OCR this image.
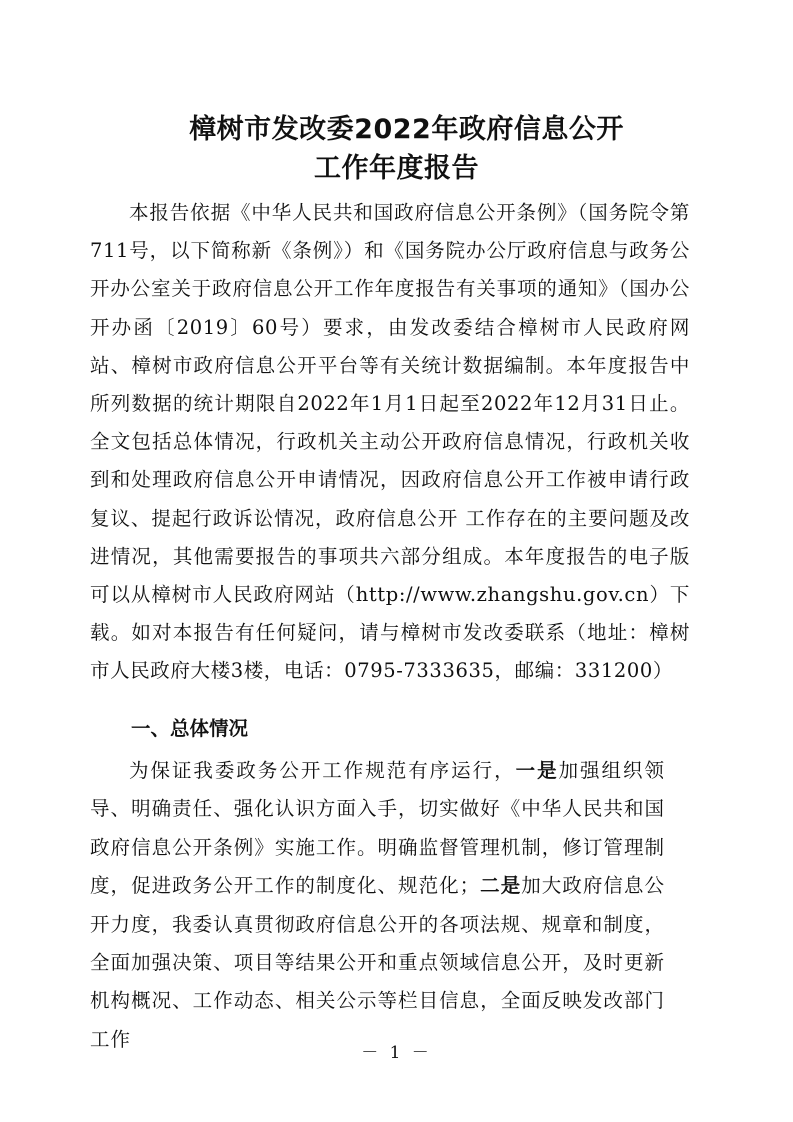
樟树市发改委2022年政府信息公开
工作年度报告
本报告依据《中华人民共和国政府信息公开条例》（国务院令第711号，以下简称新《条例》）和《国务院办公厅政府信息与政务公开办公室关于政府信息公开工作年度报告有关事项的通知》（国办公开办函〔2019〕60号）要求，由发改委结合樟树市人民政府网站、樟树市政府信息公开平台等有关统计数据编制。本年度报告中所列数据的统计期限自2022年1月1日起至2022年12月31日止。全文包括总体情况，行政机关主动公开政府信息情况，行政机关收到和处理政府信息公开申请情况，因政府信息公开工作被申请行政复议、提起行政诉讼情况，政府信息公开 工作存在的主要问题及改进情况，其他需要报告的事项共六部分组成。本年度报告的电子版可以从樟树市人民政府网站（http://www.zhangshu.gov.cn）下载。如对本报告有任何疑问，请与樟树市发改委联系（地址：樟树市人民政府大楼3楼，电话：0795-7333635，邮编：331200）
一、总体情况
为保证我委政务公开工作规范有序运行，一是加强组织领导、明确责任、强化认识方面入手，切实做好《中华人民共和国政府信息公开条例》实施工作。明确监督管理机制，修订管理制度，促进政务公开工作的制度化、规范化；二是加大政府信息公开力度，我委认真贯彻政府信息公开的各项法规、规章和制度，全面加强决策、项目等结果公开和重点领域信息公开，及时更新机构概况、工作动态、相关公示等栏目信息，全面反映发改部门工作
－ 1 －
